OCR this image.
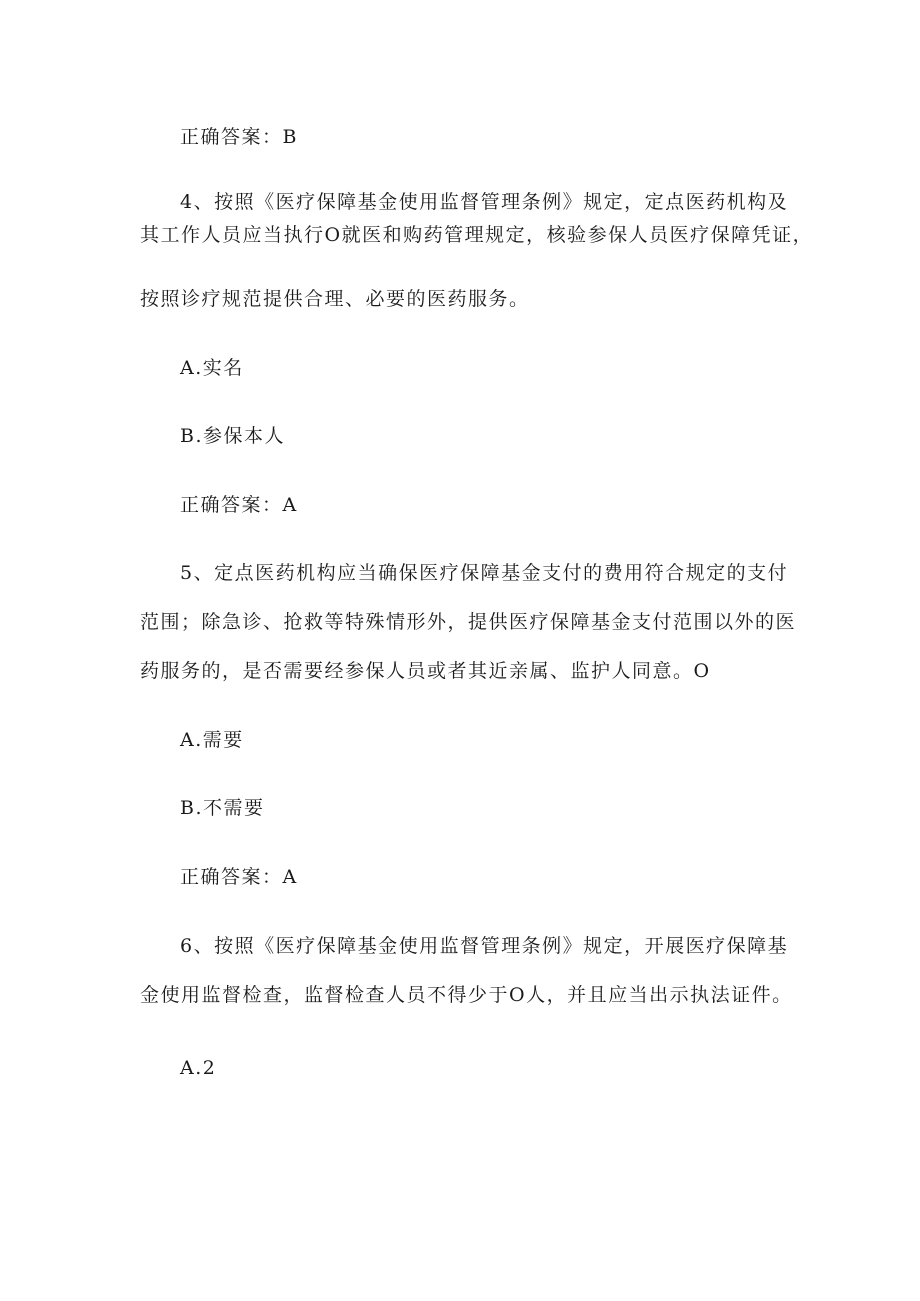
正确答案：B
4、按照《医疗保障基金使用监督管理条例》规定，定点医药机构及
其工作人员应当执行O就医和购药管理规定，核验参保人员医疗保障凭证，
按照诊疗规范提供合理、必要的医药服务。
A.实名
B.参保本人
正确答案：A
5、定点医药机构应当确保医疗保障基金支付的费用符合规定的支付
范围；除急诊、抢救等特殊情形外，提供医疗保障基金支付范围以外的医
药服务的，是否需要经参保人员或者其近亲属、监护人同意。O
A.需要
B.不需要
正确答案：A
6、按照《医疗保障基金使用监督管理条例》规定，开展医疗保障基
金使用监督检查，监督检查人员不得少于O人，并且应当出示执法证件。
A.2
